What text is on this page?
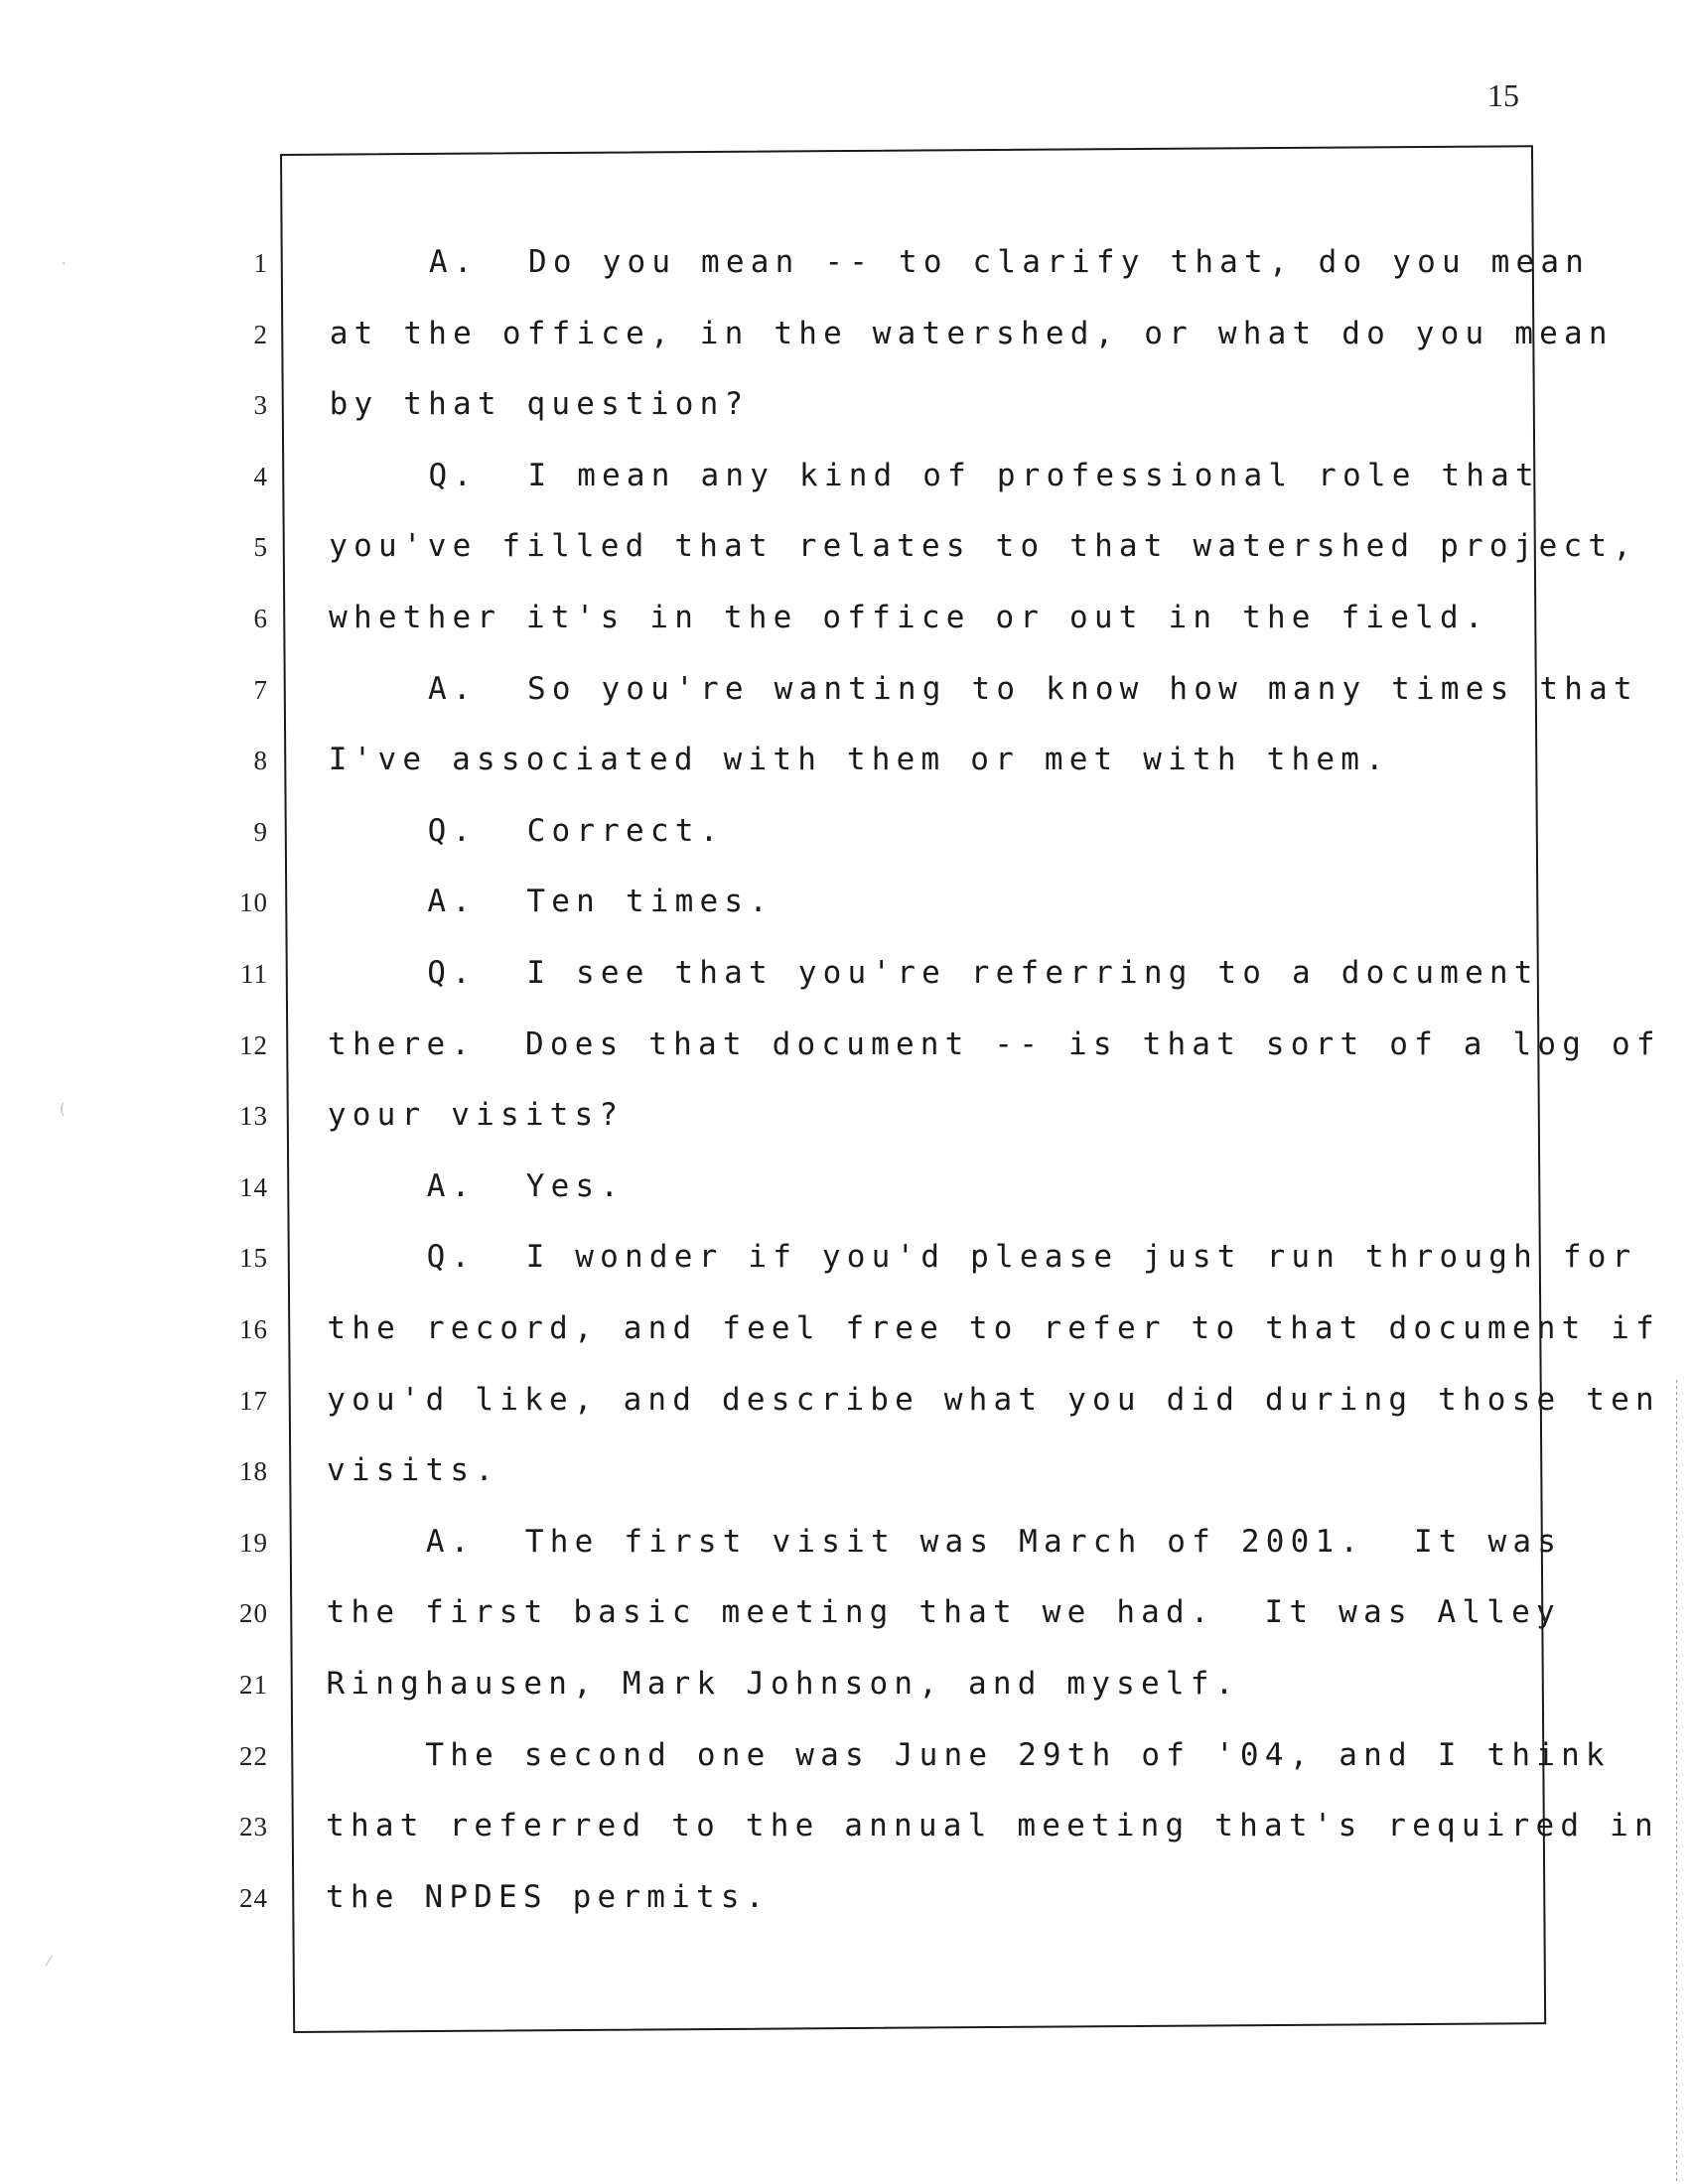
15
1
2
3
4
5
6
7
8
9
10
11
12
13
14
15
16
17
18
19
20
21
22
23
24
A. Do you mean -- to clarify that, do you mean
at the office, in the watershed, or what do you mean
by that question?
Q. I mean any kind of professional role that
you've filled that relates to that watershed project,
whether it's in the office or out in the field.
A. So you're wanting to know how many times that
I've associated with them or met with them.
Q. Correct.
A. Ten times.
Q. I see that you're referring to a document
there.  Does that document -- is that sort of a log of
your visits?
A. Yes.
Q. I wonder if you'd please just run through for
the record, and feel free to refer to that document if
you'd like, and describe what you did during those ten
visits.
A. The first visit was March of 2001.  It was
the first basic meeting that we had.  It was Alley
Ringhausen, Mark Johnson, and myself.
The second one was June 29th of '04, and I think
that referred to the annual meeting that's required in
the NPDES permits.
·
(
⁄
